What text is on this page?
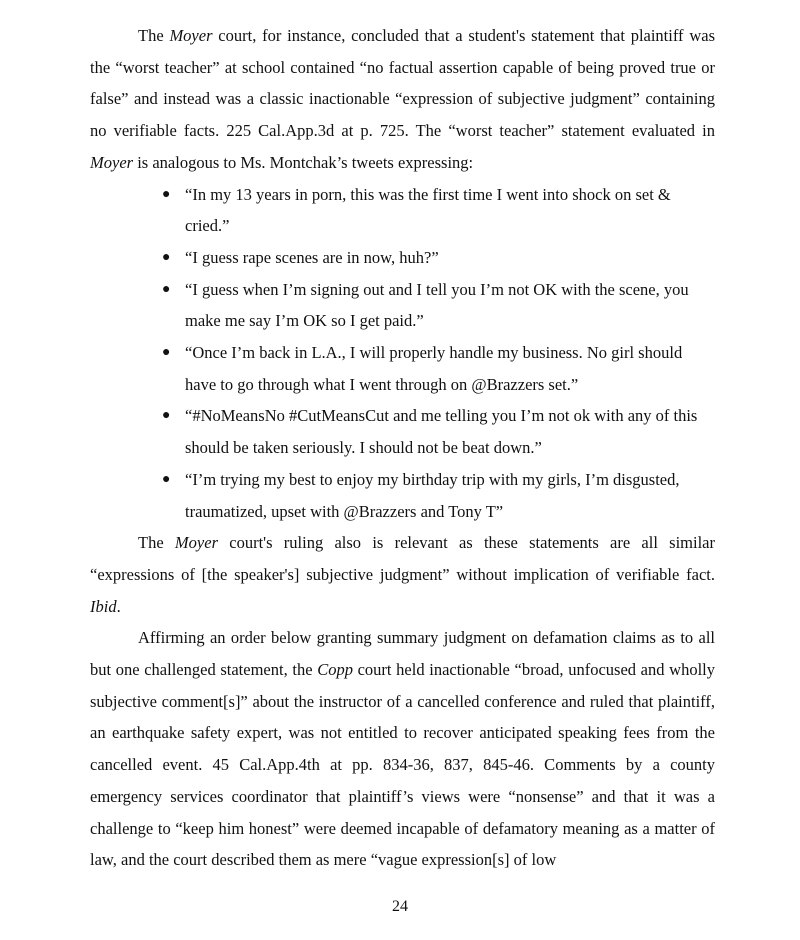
The Moyer court, for instance, concluded that a student's statement that plaintiff was the “worst teacher” at school contained “no factual assertion capable of being proved true or false” and instead was a classic inactionable “expression of subjective judgment” containing no verifiable facts. 225 Cal.App.3d at p. 725. The “worst teacher” statement evaluated in Moyer is analogous to Ms. Montchak’s tweets expressing:

● “In my 13 years in porn, this was the first time I went into shock on set & cried.”
● “I guess rape scenes are in now, huh?”
● “I guess when I’m signing out and I tell you I’m not OK with the scene, you make me say I’m OK so I get paid.”
● “Once I’m back in L.A., I will properly handle my business. No girl should have to go through what I went through on @Brazzers set.”
● “#NoMeansNo #CutMeansCut and me telling you I’m not ok with any of this should be taken seriously. I should not be beat down.”
● “I’m trying my best to enjoy my birthday trip with my girls, I’m disgusted, traumatized, upset with @Brazzers and Tony T”

The Moyer court's ruling also is relevant as these statements are all similar “expressions of [the speaker's] subjective judgment” without implication of verifiable fact. Ibid.

Affirming an order below granting summary judgment on defamation claims as to all but one challenged statement, the Copp court held inactionable “broad, unfocused and wholly subjective comment[s]” about the instructor of a cancelled conference and ruled that plaintiff, an earthquake safety expert, was not entitled to recover anticipated speaking fees from the cancelled event. 45 Cal.App.4th at pp. 834-36, 837, 845-46. Comments by a county emergency services coordinator that plaintiff’s views were “nonsense” and that it was a challenge to “keep him honest” were deemed incapable of defamatory meaning as a matter of law, and the court described them as mere “vague expression[s] of low

24
